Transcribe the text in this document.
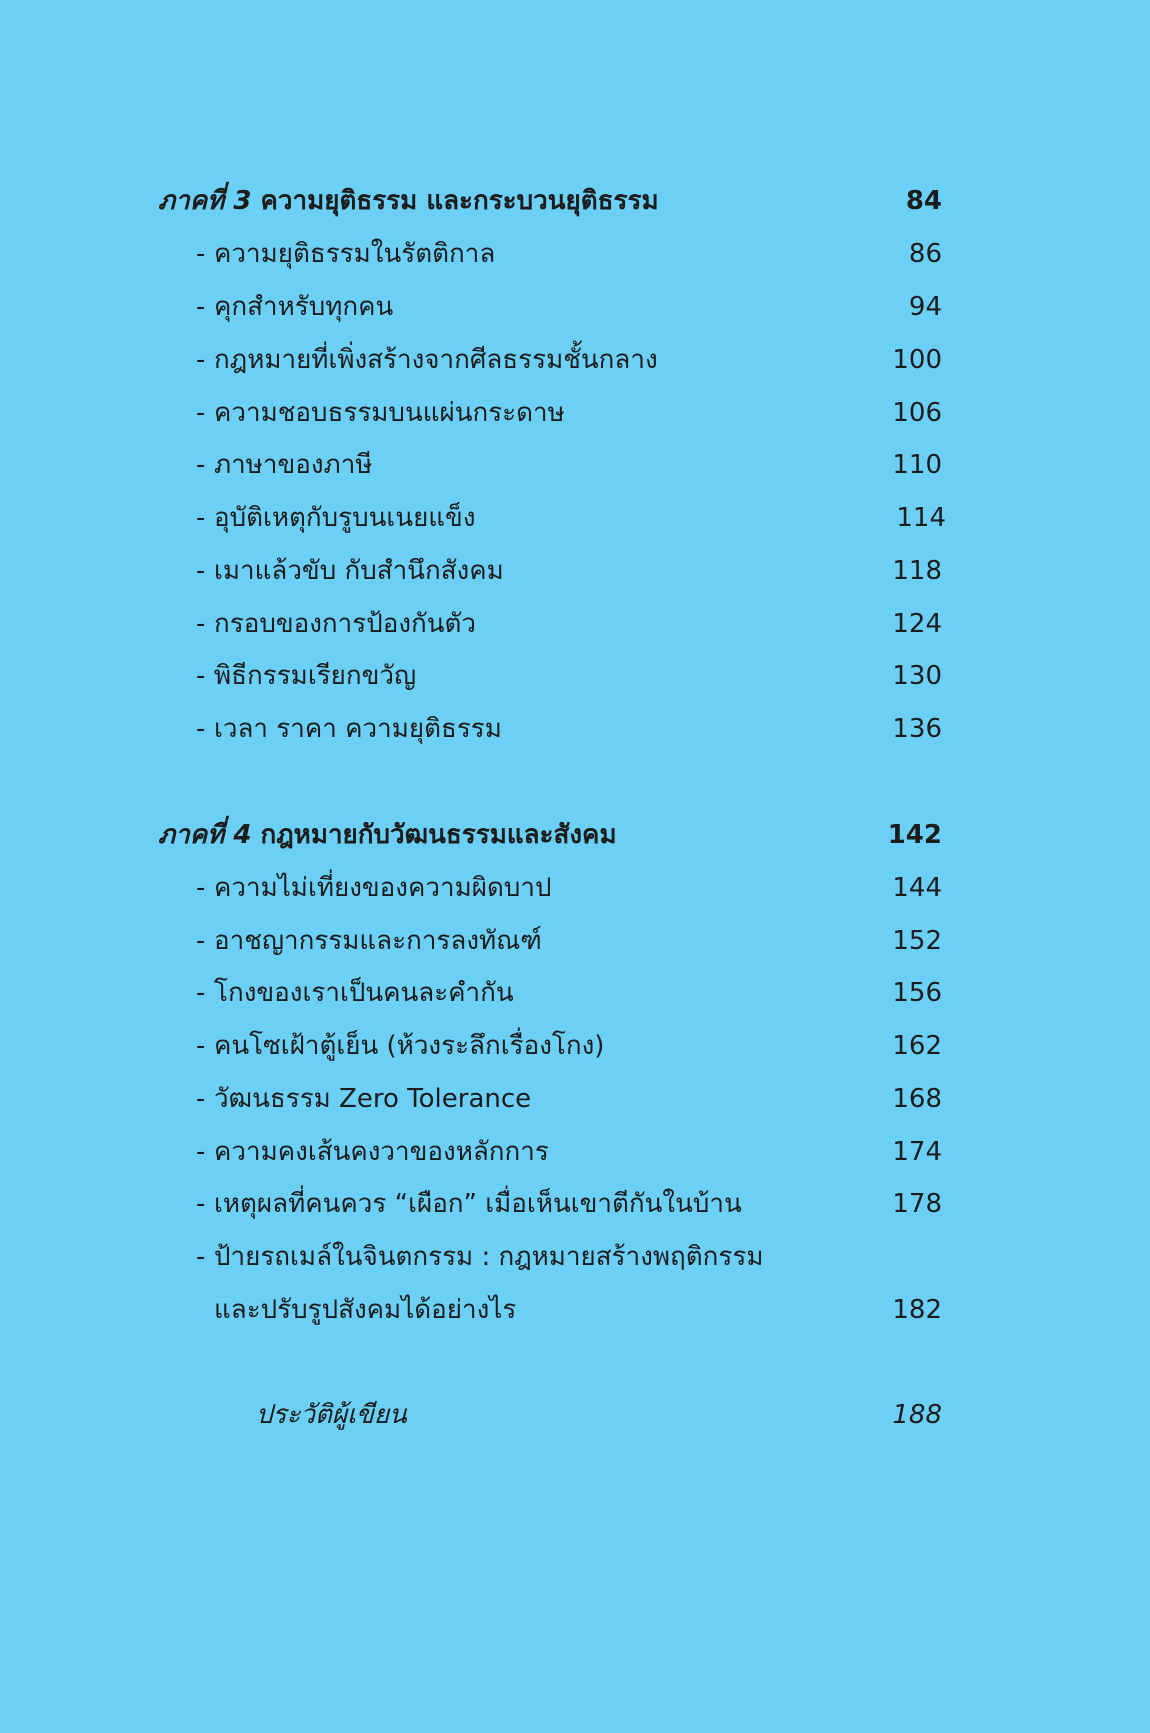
ภาคที่ 3 ความยุติธรรม และกระบวนยุติธรรม	84
- ความยุติธรรมในรัตติกาล	86
- คุกสำหรับทุกคน	94
- กฎหมายที่เพิ่งสร้างจากศีลธรรมชั้นกลาง	100
- ความชอบธรรมบนแผ่นกระดาษ	106
- ภาษาของภาษี	110
- อุบัติเหตุกับรูบนเนยแข็ง	114
- เมาแล้วขับ กับสำนึกสังคม	118
- กรอบของการป้องกันตัว	124
- พิธีกรรมเรียกขวัญ	130
- เวลา ราคา ความยุติธรรม	136
ภาคที่ 4 กฎหมายกับวัฒนธรรมและสังคม	142
- ความไม่เที่ยงของความผิดบาป	144
- อาชญากรรมและการลงทัณฑ์	152
- โกงของเราเป็นคนละคำกัน	156
- คนโซเฝ้าตู้เย็น (ห้วงระลึกเรื่องโกง)	162
- วัฒนธรรม Zero Tolerance	168
- ความคงเส้นคงวาของหลักการ	174
- เหตุผลที่คนควร “เผือก” เมื่อเห็นเขาตีกันในบ้าน	178
- ป้ายรถเมล์ในจินตกรรม : กฎหมายสร้างพฤติกรรม
และปรับรูปสังคมได้อย่างไร	182
ประวัติผู้เขียน	188
